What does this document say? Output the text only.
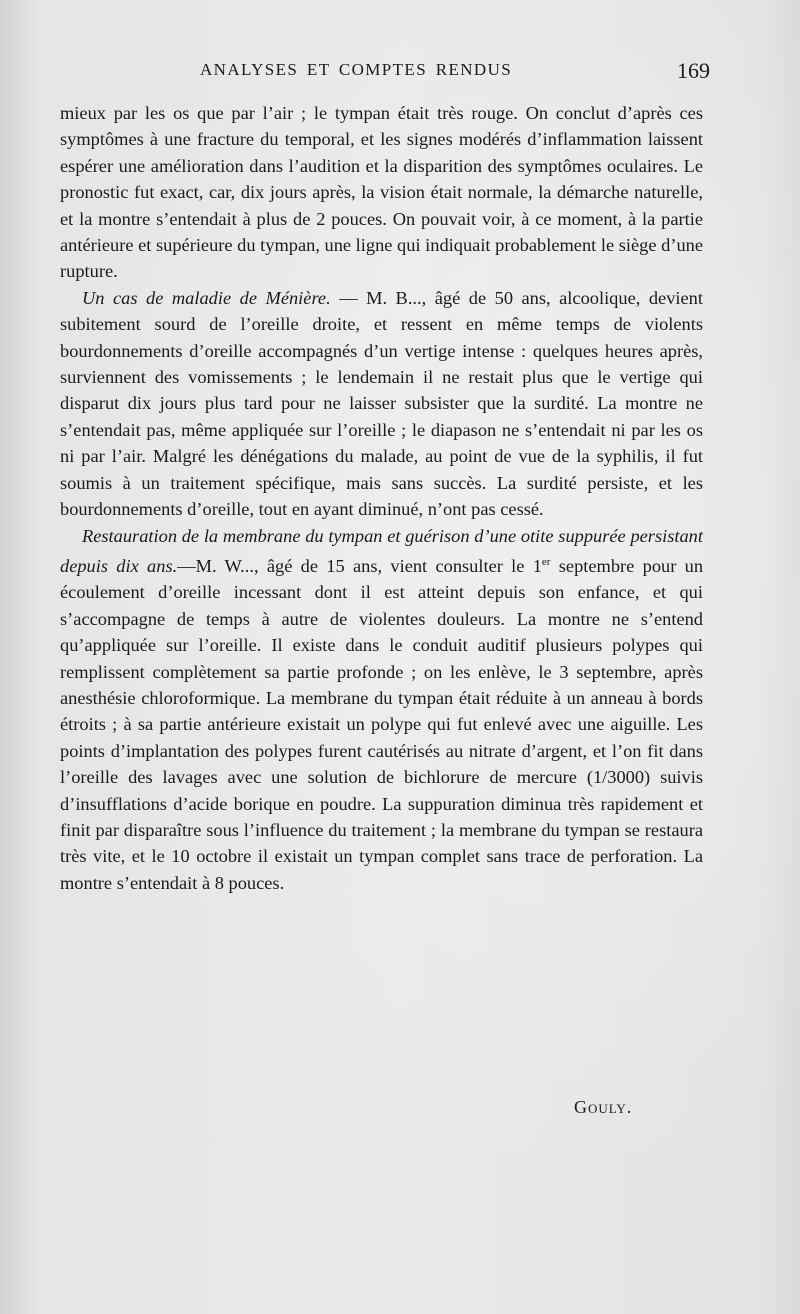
ANALYSES ET COMPTES RENDUS	169

mieux par les os que par l’air ; le tympan était très rouge. On conclut d’après ces symptômes à une fracture du temporal, et les signes modérés d’inflammation laissent espérer une amélioration dans l’audition et la disparition des symptômes oculaires. Le pronostic fut exact, car, dix jours après, la vision était normale, la démarche naturelle, et la montre s’entendait à plus de 2 pouces. On pouvait voir, à ce moment, à la partie antérieure et supérieure du tympan, une ligne qui indiquait probablement le siège d’une rupture.

Un cas de maladie de Ménière. — M. B..., âgé de 50 ans, alcoolique, devient subitement sourd de l’oreille droite, et ressent en même temps de violents bourdonnements d’oreille accompagnés d’un vertige intense : quelques heures après, surviennent des vomissements ; le lendemain il ne restait plus que le vertige qui disparut dix jours plus tard pour ne laisser subsister que la surdité. La montre ne s’entendait pas, même appliquée sur l’oreille ; le diapason ne s’entendait ni par les os ni par l’air. Malgré les dénégations du malade, au point de vue de la syphilis, il fut soumis à un traitement spécifique, mais sans succès. La surdité persiste, et les bourdonnements d’oreille, tout en ayant diminué, n’ont pas cessé.

Restauration de la membrane du tympan et guérison d’une otite suppurée persistant depuis dix ans.—M. W..., âgé de 15 ans, vient consulter le 1er septembre pour un écoulement d’oreille incessant dont il est atteint depuis son enfance, et qui s’accompagne de temps à autre de violentes douleurs. La montre ne s’entend qu’appliquée sur l’oreille. Il existe dans le conduit auditif plusieurs polypes qui remplissent complètement sa partie profonde ; on les enlève, le 3 septembre, après anesthésie chloroformique. La membrane du tympan était réduite à un anneau à bords étroits ; à sa partie antérieure existait un polype qui fut enlevé avec une aiguille. Les points d’implantation des polypes furent cautérisés au nitrate d’argent, et l’on fit dans l’oreille des lavages avec une solution de bichlorure de mercure (1/3000) suivis d’insufflations d’acide borique en poudre. La suppuration diminua très rapidement et finit par disparaître sous l’influence du traitement ; la membrane du tympan se restaura très vite, et le 10 octobre il existait un tympan complet sans trace de perforation. La montre s’entendait à 8 pouces.

Gouly.
